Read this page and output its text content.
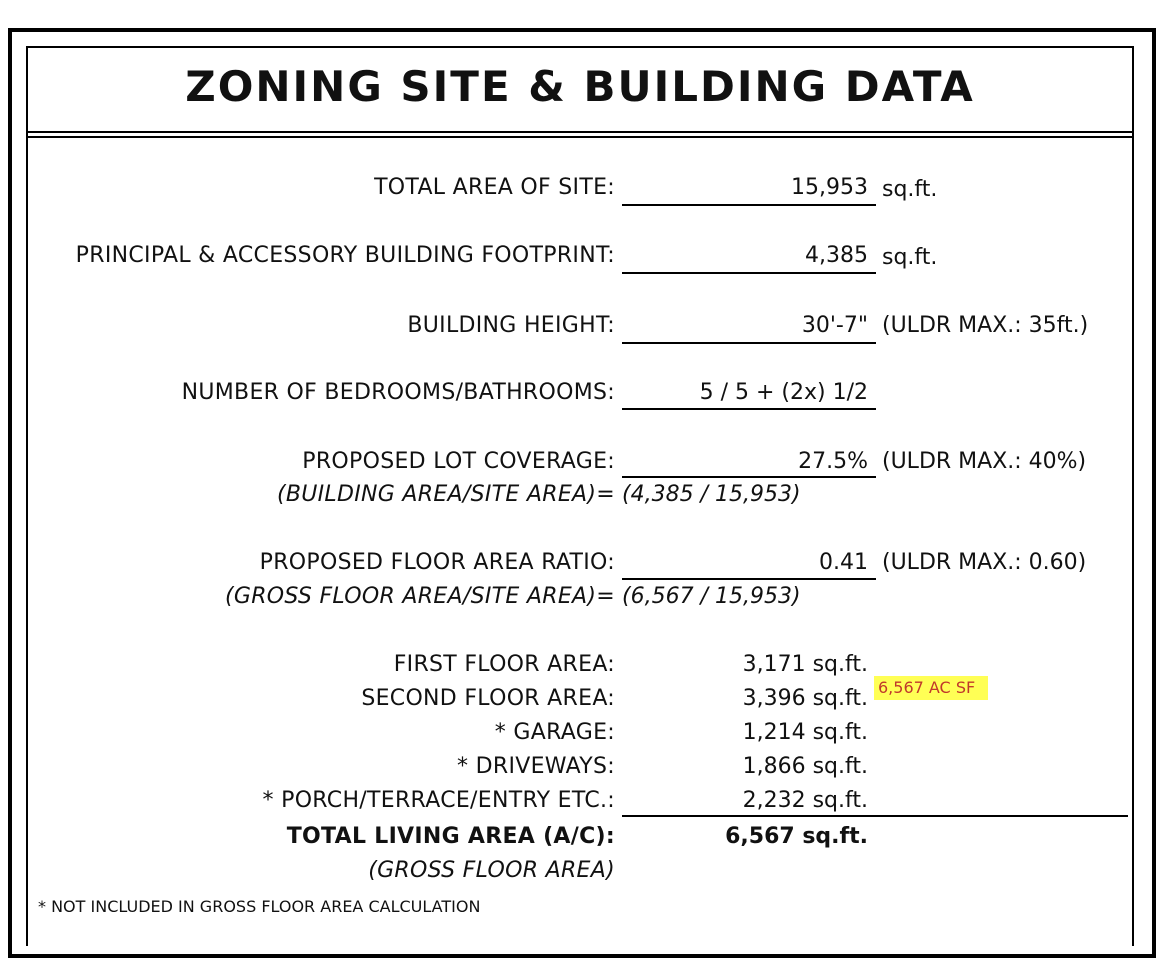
ZONING SITE & BUILDING DATA
TOTAL AREA OF SITE:	15,953 sq.ft.
PRINCIPAL & ACCESSORY BUILDING FOOTPRINT:	4,385 sq.ft.
BUILDING HEIGHT:	30'-7" (ULDR MAX.: 35ft.)
NUMBER OF BEDROOMS/BATHROOMS:	5 / 5 + (2x) 1/2
PROPOSED LOT COVERAGE:	27.5% (ULDR MAX.: 40%)
(BUILDING AREA/SITE AREA)= (4,385 / 15,953)
PROPOSED FLOOR AREA RATIO:	0.41 (ULDR MAX.: 0.60)
(GROSS FLOOR AREA/SITE AREA)= (6,567 / 15,953)
FIRST FLOOR AREA:	3,171 sq.ft.
SECOND FLOOR AREA:	3,396 sq.ft. 6,567 AC SF
* GARAGE:	1,214 sq.ft.
* DRIVEWAYS:	1,866 sq.ft.
* PORCH/TERRACE/ENTRY ETC.:	2,232 sq.ft.
TOTAL LIVING AREA (A/C):	6,567 sq.ft.
(GROSS FLOOR AREA)
* NOT INCLUDED IN GROSS FLOOR AREA CALCULATION
